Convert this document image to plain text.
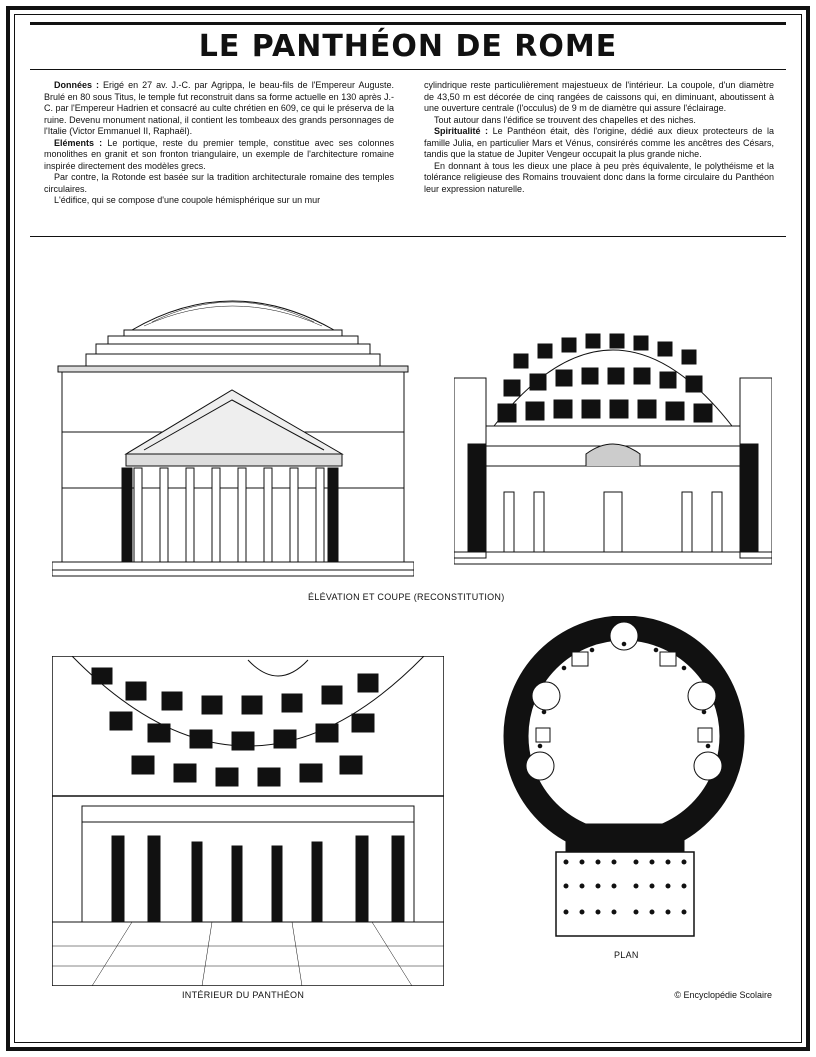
LE PANTHÉON DE ROME

Données : Erigé en 27 av. J.-C. par Agrippa, le beau-fils de l'Empereur Auguste. Brulé en 80 sous Titus, le temple fut reconstruit dans sa forme actuelle en 130 après J.-C. par l'Empereur Hadrien et consacré au culte chrétien en 609, ce qui le préserva de la ruine. Devenu monument national, il contient les tombeaux des grands personnages de l'Italie (Victor Emmanuel II, Raphaël).

Eléments : Le portique, reste du premier temple, constitue avec ses colonnes monolithes en granit et son fronton triangulaire, un exemple de l'architecture romaine inspirée directement des modèles grecs.

Par contre, la Rotonde est basée sur la tradition architecturale romaine des temples circulaires.

L'édifice, qui se compose d'une coupole hémisphérique sur un mur

cylindrique reste particulièrement majestueux de l'intérieur. La coupole, d'un diamètre de 43,50 m est décorée de cinq rangées de caissons qui, en diminuant, aboutissent à une ouverture centrale (l'occulus) de 9 m de diamètre qui assure l'éclairage.

Tout autour dans l'édifice se trouvent des chapelles et des niches.

Spiritualité : Le Panthéon était, dès l'origine, dédié aux dieux protecteurs de la famille Julia, en particulier Mars et Vénus, consirérés comme les ancêtres des Césars, tandis que la statue de Jupiter Vengeur occupait la plus grande niche.

En donnant à tous les dieux une place à peu près équivalente, le polythéisme et la tolérance religieuse des Romains trouvaient donc dans la forme circulaire du Panthéon leur expression naturelle.

ÉLÉVATION ET COUPE (RECONSTITUTION)
INTÉRIEUR DU PANTHÉON
PLAN
© Encyclopédie Scolaire
